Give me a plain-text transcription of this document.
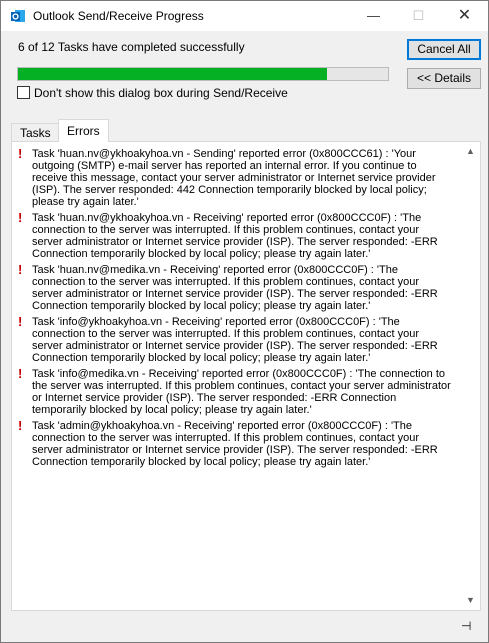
Outlook Send/Receive Progress	—	☐	✕
6 of 12 Tasks have completed successfully	Cancel All
<< Details
Don't show this dialog box during Send/Receive
Tasks	Errors
! Task 'huan.nv@ykhoakyhoa.vn - Sending' reported error (0x800CCC61) : 'Your outgoing (SMTP) e-mail server has reported an internal error. If you continue to receive this message, contact your server administrator or Internet service provider (ISP). The server responded: 442 Connection temporarily blocked by local policy; please try again later.'
! Task 'huan.nv@ykhoakyhoa.vn - Receiving' reported error (0x800CCC0F) : 'The connection to the server was interrupted. If this problem continues, contact your server administrator or Internet service provider (ISP). The server responded: -ERR Connection temporarily blocked by local policy; please try again later.'
! Task 'huan.nv@medika.vn - Receiving' reported error (0x800CCC0F) : 'The connection to the server was interrupted. If this problem continues, contact your server administrator or Internet service provider (ISP). The server responded: -ERR Connection temporarily blocked by local policy; please try again later.'
! Task 'info@ykhoakyhoa.vn - Receiving' reported error (0x800CCC0F) : 'The connection to the server was interrupted. If this problem continues, contact your server administrator or Internet service provider (ISP). The server responded: -ERR Connection temporarily blocked by local policy; please try again later.'
! Task 'info@medika.vn - Receiving' reported error (0x800CCC0F) : 'The connection to the server was interrupted. If this problem continues, contact your server administrator or Internet service provider (ISP). The server responded: -ERR Connection temporarily blocked by local policy; please try again later.'
! Task 'admin@ykhoakyhoa.vn - Receiving' reported error (0x800CCC0F) : 'The connection to the server was interrupted. If this problem continues, contact your server administrator or Internet service provider (ISP). The server responded: -ERR Connection temporarily blocked by local policy; please try again later.'
▲
▼
⊣
